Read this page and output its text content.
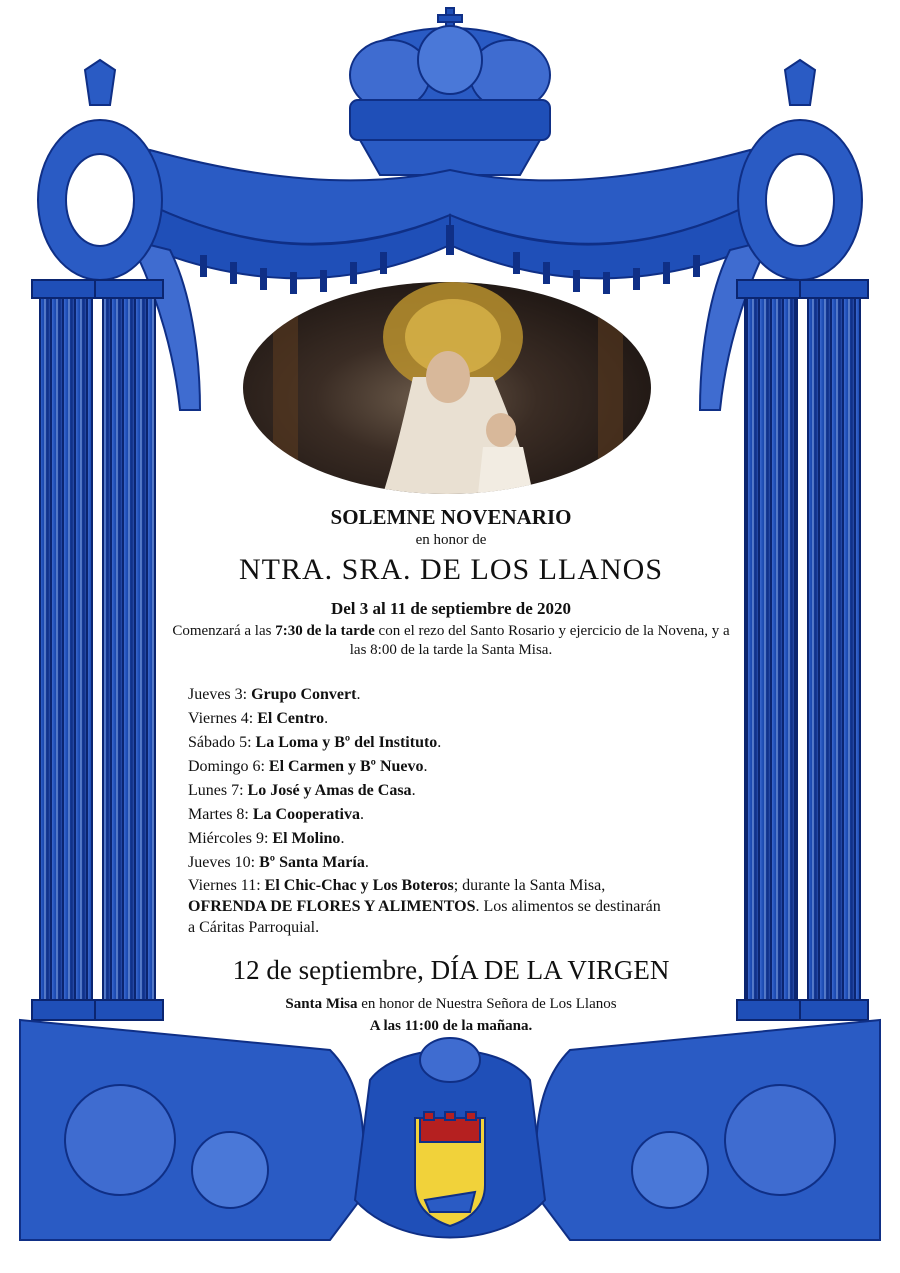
SOLEMNE NOVENARIO

en honor de

NTRA. SRA. DE LOS LLANOS

Del 3 al 11 de septiembre de 2020

Comenzará a las 7:30 de la tarde con el rezo del Santo Rosario y ejercicio de la Novena, y a las 8:00 de la tarde la Santa Misa.

Jueves 3: Grupo Convert.

Viernes 4: El Centro.

Sábado 5: La Loma y Bº del Instituto.

Domingo 6: El Carmen y Bº Nuevo.

Lunes 7: Lo José y Amas de Casa.

Martes 8: La Cooperativa.

Miércoles 9: El Molino.

Jueves 10: Bº Santa María.

Viernes 11: El Chic-Chac y Los Boteros; durante la Santa Misa,

OFRENDA DE FLORES Y ALIMENTOS. Los alimentos se destinarán

a Cáritas Parroquial.

12 de septiembre, DÍA DE LA VIRGEN
Santa Misa en honor de Nuestra Señora de Los Llanos
A las 11:00 de la mañana.
